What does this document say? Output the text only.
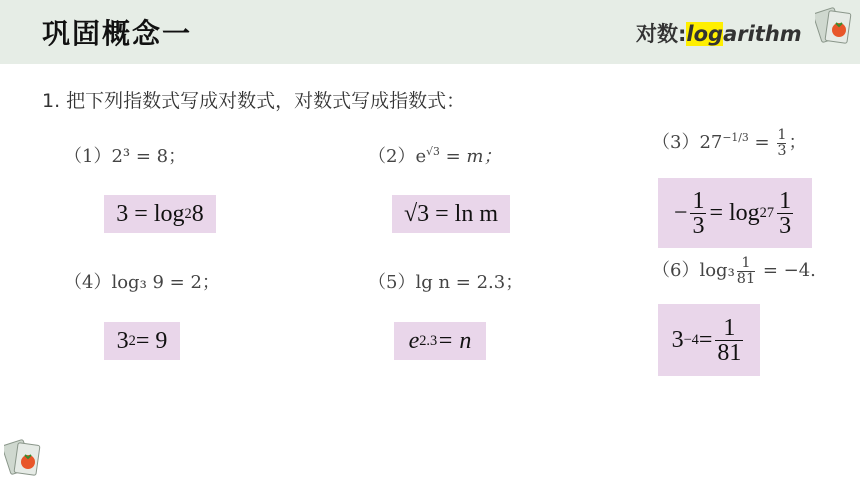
巩固概念一	对数:logarithm
1. 把下列指数式写成对数式，对数式写成指数式：
（1）2³ = 8；	$(2)e^{√3} = m$；
$(3)27^{-1/3} = \frac{1}{3}$ ；
3 = log 2 8	√ 3 = ln m	− $\frac{1}{3} = \log 27 \frac{1}{3}$
（4）log₃ 9 = 2；	（5）lg n = 2.3；
$(6)\log_3 \frac{1}{81} = -4$.
3 2 = 9	e 2.3 = n	$3 -4 = \frac{1}{81}$
